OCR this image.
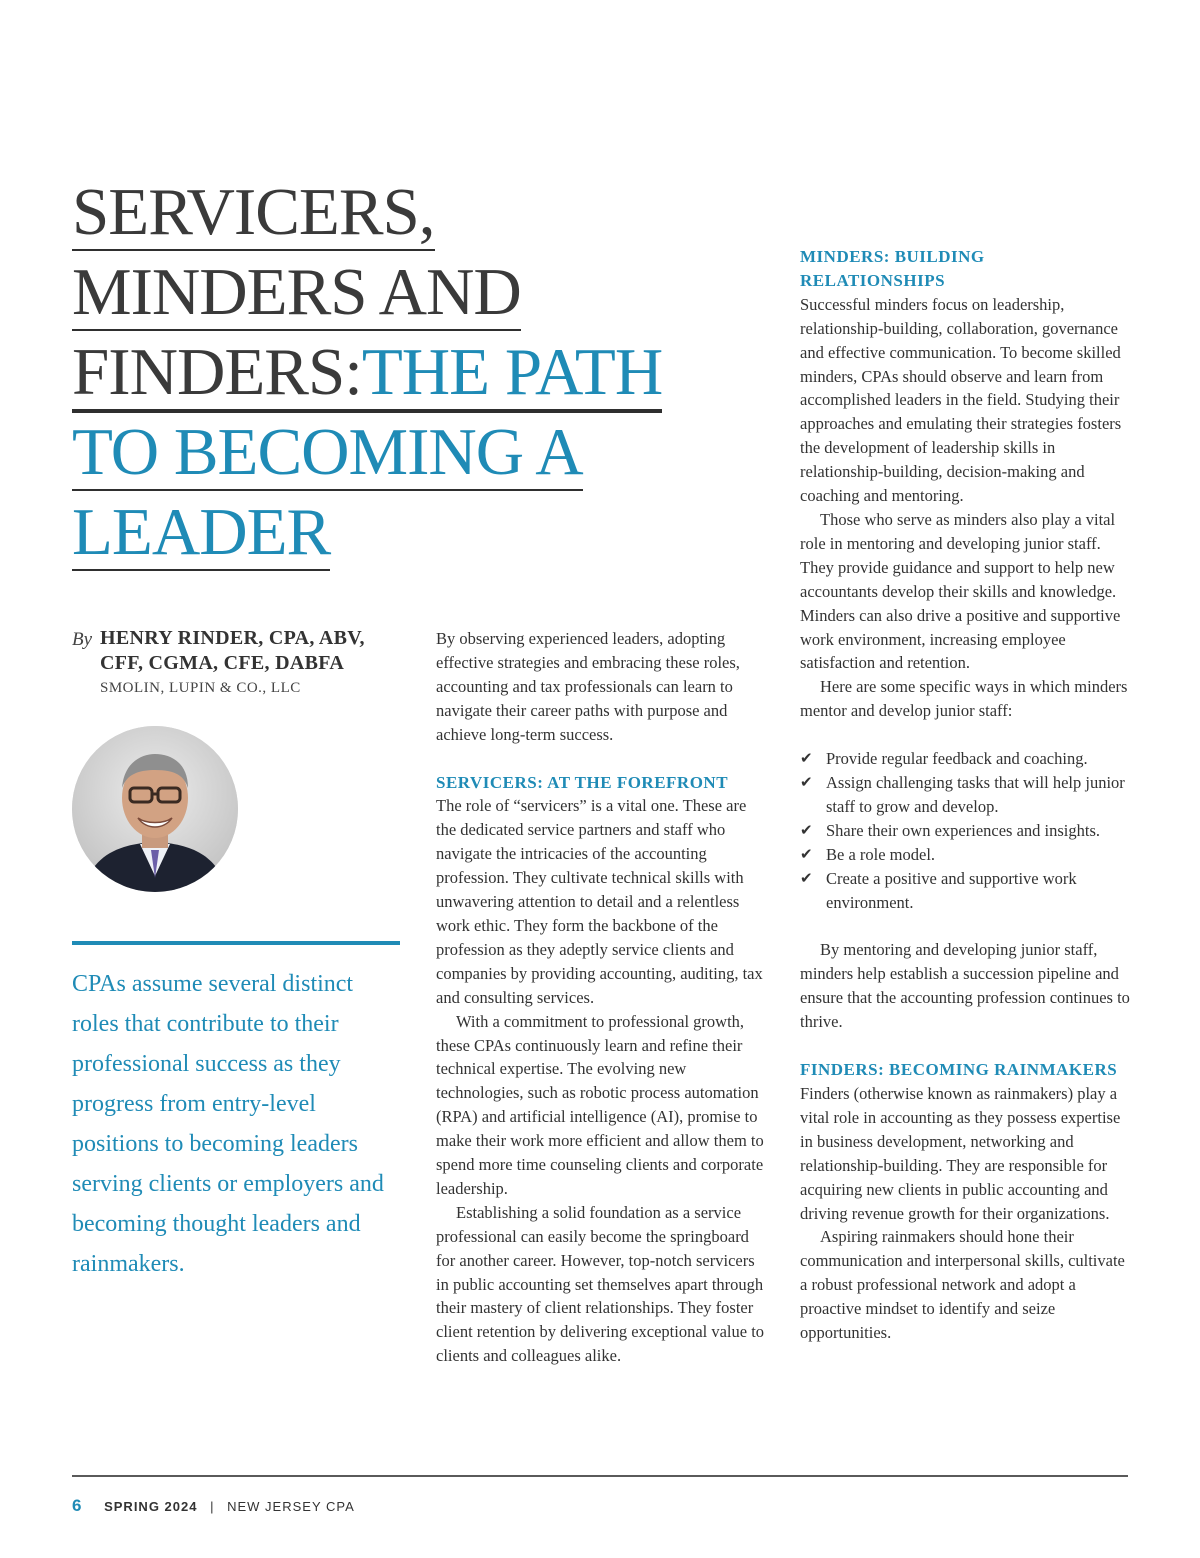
SERVICERS,
MINDERS AND
FINDERS:THE PATH
TO BECOMING A
LEADER
By HENRY RINDER, CPA, ABV,
CFF, CGMA, CFE, DABFA
SMOLIN, LUPIN & CO., LLC

CPAs assume several distinct roles that contribute to their professional success as they progress from entry-level positions to becoming leaders serving clients or employers and becoming thought leaders and rainmakers.

By observing experienced leaders, adopting effective strategies and embracing these roles, accounting and tax professionals can learn to navigate their career paths with purpose and achieve long-term success.

SERVICERS: AT THE FOREFRONT

The role of “servicers” is a vital one. These are the dedicated service partners and staff who navigate the intricacies of the accounting profession. They cultivate technical skills with unwavering attention to detail and a relentless work ethic. They form the backbone of the profession as they adeptly service clients and companies by providing accounting, auditing, tax and consulting services.

With a commitment to professional growth, these CPAs continuously learn and refine their technical expertise. The evolving new technologies, such as robotic process automation (RPA) and artificial intelligence (AI), promise to make their work more efficient and allow them to spend more time counseling clients and corporate leadership.

Establishing a solid foundation as a service professional can easily become the springboard for another career. However, top-notch servicers in public accounting set themselves apart through their mastery of client relationships. They foster client retention by delivering exceptional value to clients and colleagues alike.

MINDERS: BUILDING RELATIONSHIPS

Successful minders focus on leadership, relationship-building, collaboration, governance and effective communication. To become skilled minders, CPAs should observe and learn from accomplished leaders in the field. Studying their approaches and emulating their strategies fosters the development of leadership skills in relationship-building, decision-making and coaching and mentoring.

Those who serve as minders also play a vital role in mentoring and developing junior staff. They provide guidance and support to help new accountants develop their skills and knowledge. Minders can also drive a positive and supportive work environment, increasing employee satisfaction and retention.

Here are some specific ways in which minders mentor and develop junior staff:

✔ Provide regular feedback and coaching.
✔ Assign challenging tasks that will help junior staff to grow and develop.
✔ Share their own experiences and insights.
✔ Be a role model.
✔ Create a positive and supportive work environment.

By mentoring and developing junior staff, minders help establish a succession pipeline and ensure that the accounting profession continues to thrive.

FINDERS: BECOMING RAINMAKERS

Finders (otherwise known as rainmakers) play a vital role in accounting as they possess expertise in business development, networking and relationship-building. They are responsible for acquiring new clients in public accounting and driving revenue growth for their organizations.

Aspiring rainmakers should hone their communication and interpersonal skills, cultivate a robust professional network and adopt a proactive mindset to identify and seize opportunities.

6 SPRING 2024 | NEW JERSEY CPA
